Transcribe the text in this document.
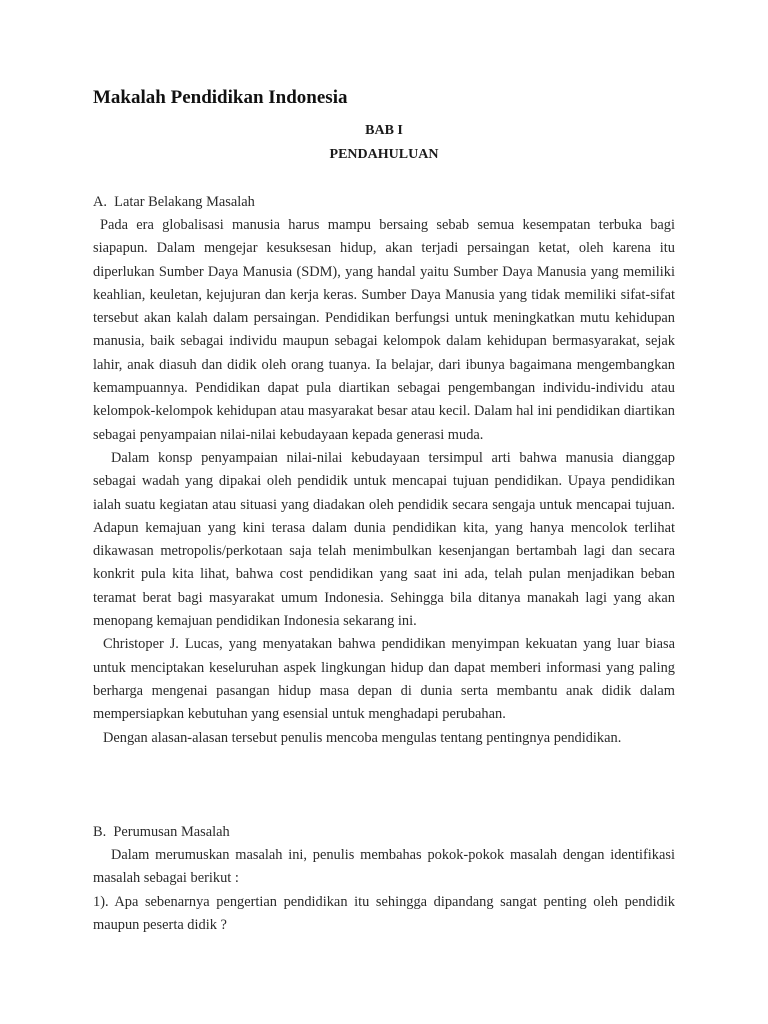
Makalah Pendidikan Indonesia
BAB I
PENDAHULUAN
A.  Latar Belakang Masalah

Pada era globalisasi manusia harus mampu bersaing sebab semua kesempatan terbuka bagi siapapun. Dalam mengejar kesuksesan hidup, akan terjadi persaingan ketat, oleh karena itu diperlukan Sumber Daya Manusia (SDM), yang handal yaitu Sumber Daya Manusia yang memiliki keahlian, keuletan, kejujuran dan kerja keras. Sumber Daya Manusia yang tidak memiliki sifat-sifat tersebut akan kalah dalam persaingan. Pendidikan berfungsi untuk meningkatkan mutu kehidupan manusia, baik sebagai individu maupun sebagai kelompok dalam kehidupan bermasyarakat, sejak lahir, anak diasuh dan didik oleh orang tuanya. Ia belajar, dari ibunya bagaimana mengembangkan kemampuannya. Pendidikan dapat pula diartikan sebagai pengembangan individu-individu atau kelompok-kelompok kehidupan atau masyarakat besar atau kecil. Dalam hal ini pendidikan diartikan sebagai penyampaian nilai-nilai kebudayaan kepada generasi muda.

Dalam konsp penyampaian nilai-nilai kebudayaan tersimpul arti bahwa manusia dianggap sebagai wadah yang dipakai oleh pendidik untuk mencapai tujuan pendidikan. Upaya pendidikan ialah suatu kegiatan atau situasi yang diadakan oleh pendidik secara sengaja untuk mencapai tujuan. Adapun kemajuan yang kini terasa dalam dunia pendidikan kita, yang hanya mencolok terlihat dikawasan metropolis/perkotaan saja telah menimbulkan kesenjangan bertambah lagi dan secara konkrit pula kita lihat, bahwa cost pendidikan yang saat ini ada, telah pulan menjadikan beban teramat berat bagi masyarakat umum Indonesia. Sehingga bila ditanya manakah lagi yang akan menopang kemajuan pendidikan Indonesia sekarang ini.

Christoper J. Lucas, yang menyatakan bahwa pendidikan menyimpan kekuatan yang luar biasa untuk menciptakan keseluruhan aspek lingkungan hidup dan dapat memberi informasi yang paling berharga mengenai pasangan hidup masa depan di dunia serta membantu anak didik dalam mempersiapkan kebutuhan yang esensial untuk menghadapi perubahan.

Dengan alasan-alasan tersebut penulis mencoba mengulas tentang pentingnya pendidikan.

B.  Perumusan Masalah

Dalam merumuskan masalah ini, penulis membahas pokok-pokok masalah dengan identifikasi masalah sebagai berikut :

1). Apa sebenarnya pengertian pendidikan itu sehingga dipandang sangat penting oleh pendidik               maupun peserta didik ?
